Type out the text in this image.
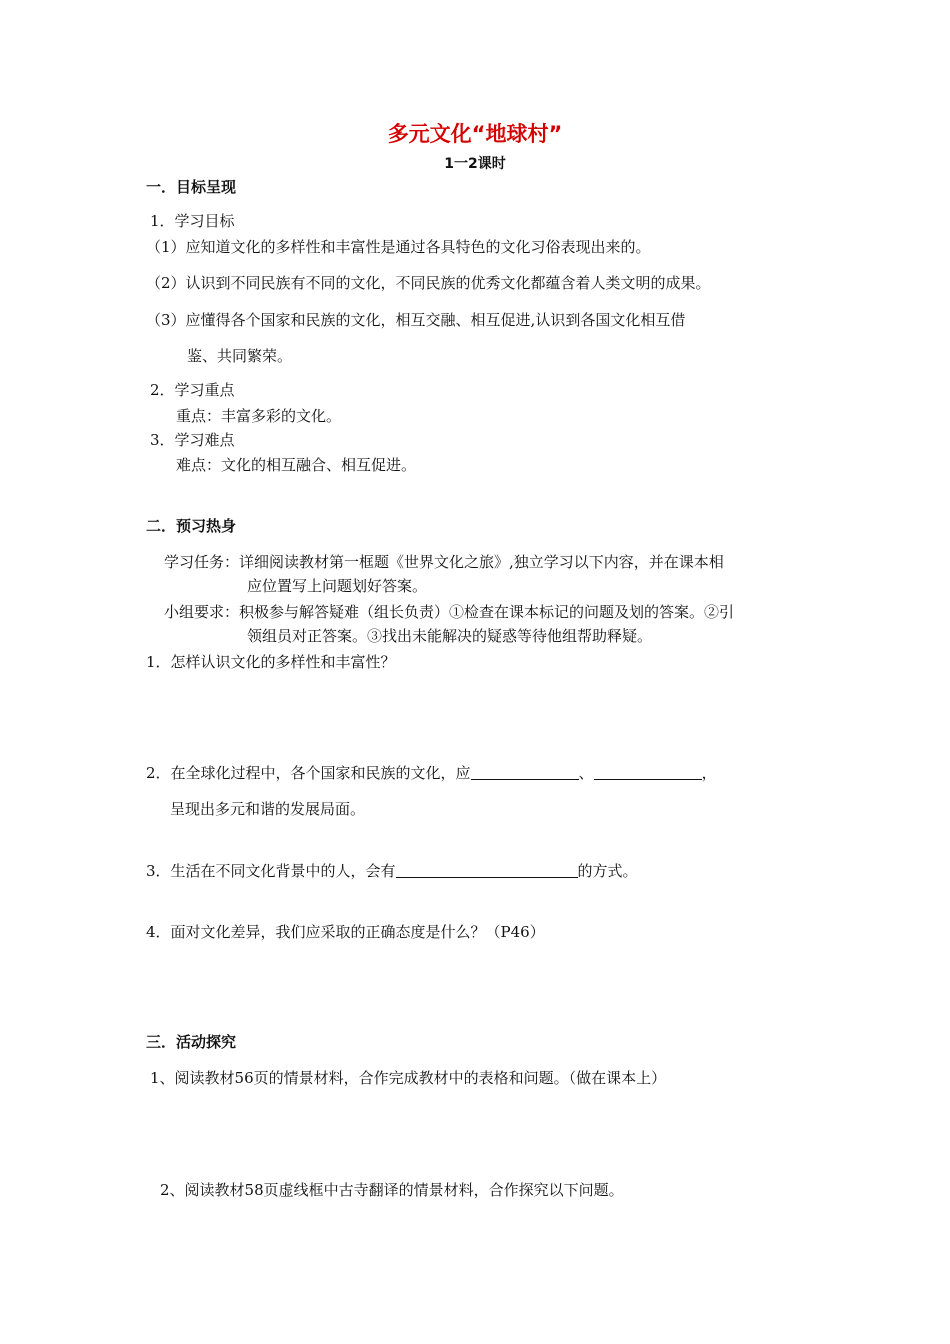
多元文化“地球村”
1一2课时
一．目标呈现
1．学习目标
（1）应知道文化的多样性和丰富性是通过各具特色的文化习俗表现出来的。
（2）认识到不同民族有不同的文化，不同民族的优秀文化都蕴含着人类文明的成果。
（3）应懂得各个国家和民族的文化，相互交融、相互促进,认识到各国文化相互借
鉴、共同繁荣。
2．学习重点
重点：丰富多彩的文化。
3．学习难点
难点：文化的相互融合、相互促进。
二．预习热身
学习任务：详细阅读教材第一框题《世界文化之旅》,独立学习以下内容，并在课本相
应位置写上问题划好答案。
小组要求：积极参与解答疑难（组长负责）①检查在课本标记的问题及划的答案。②引
领组员对正答案。③找出未能解决的疑惑等待他组帮助释疑。
1．怎样认识文化的多样性和丰富性？
2．在全球化过程中，各个国家和民族的文化，应	、	，
呈现出多元和谐的发展局面。
3．生活在不同文化背景中的人，会有	的方式。
4．面对文化差异，我们应采取的正确态度是什么？（P46）
三．活动探究
1、阅读教材56页的情景材料，合作完成教材中的表格和问题。（做在课本上）
2、阅读教材58页虚线框中古寺翻译的情景材料，合作探究以下问题。
